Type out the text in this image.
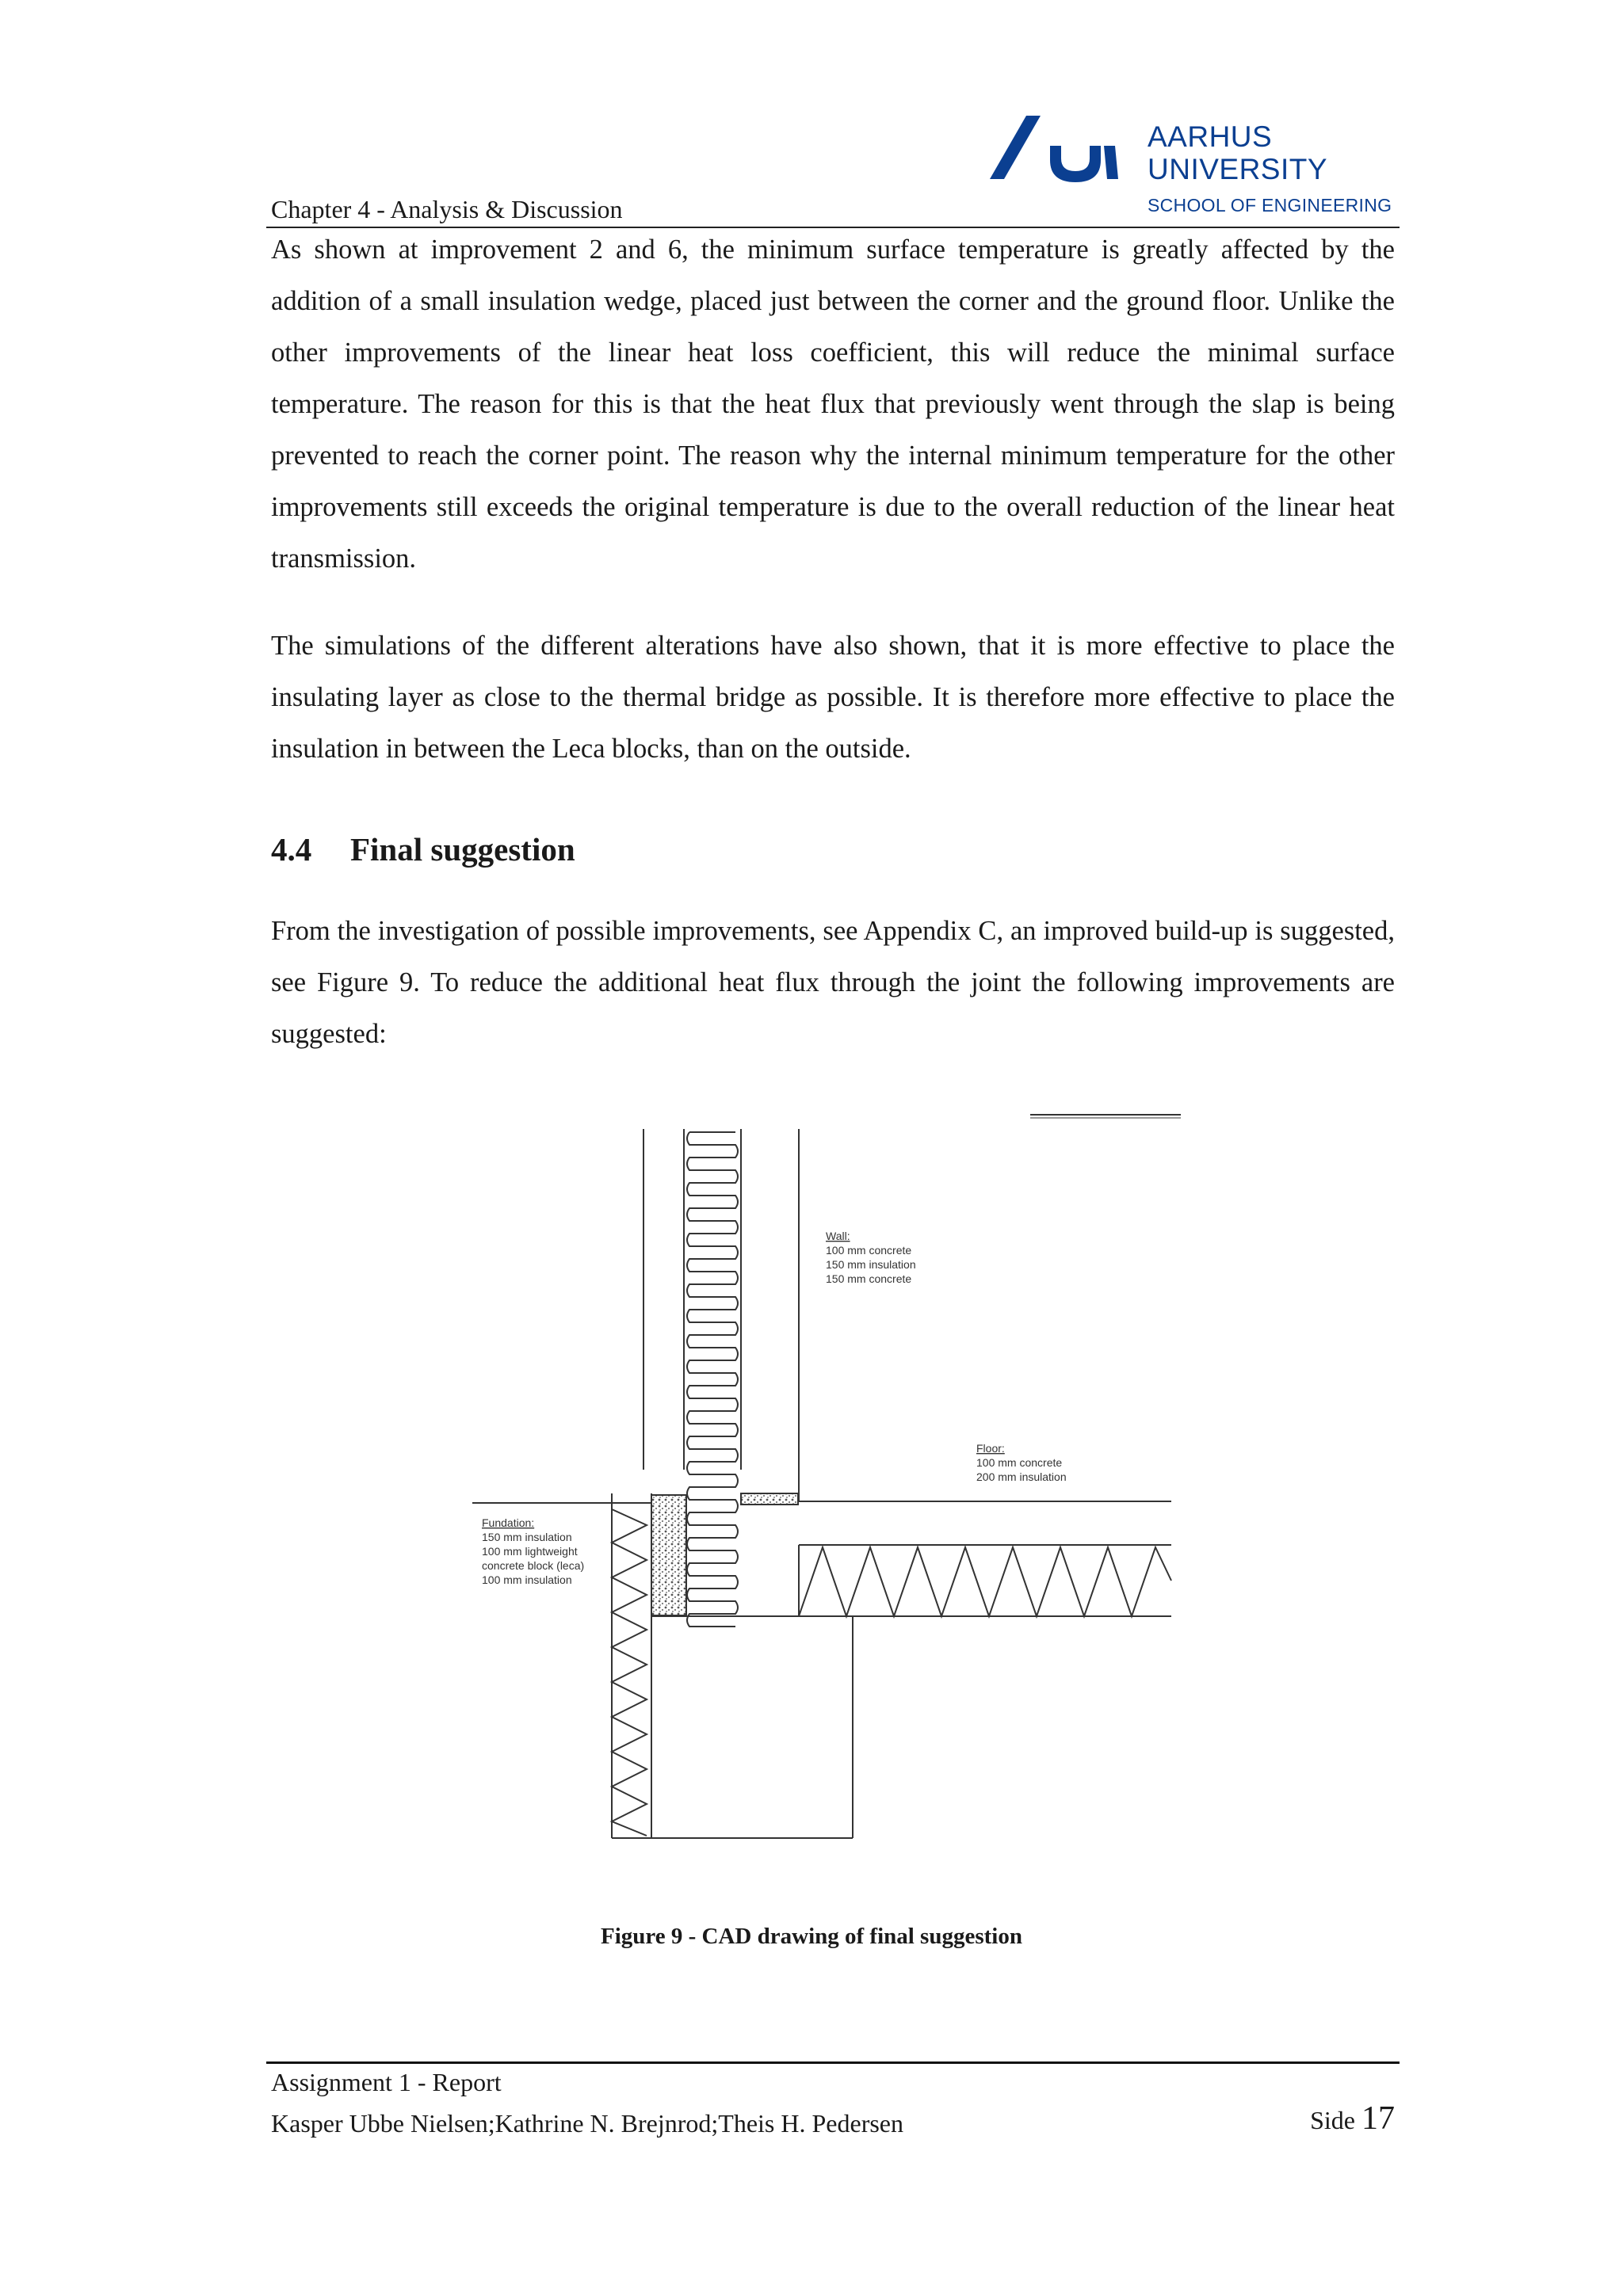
Chapter 4 - Analysis & Discussion
AARHUS
UNIVERSITY
SCHOOL OF ENGINEERING
As shown at improvement 2 and 6, the minimum surface temperature is greatly affected by the addition of a small insulation wedge, placed just between the corner and the ground floor. Unlike the other improvements of the linear heat loss coefficient, this will reduce the minimal surface temperature. The reason for this is that the heat flux that previously went through the slap is being prevented to reach the corner point. The reason why the internal minimum temperature for the other improvements still exceeds the original temperature is due to the overall reduction of the linear heat transmission.
The simulations of the different alterations have also shown, that it is more effective to place the insulating layer as close to the thermal bridge as possible. It is therefore more effective to place the insulation in between the Leca blocks, than on the outside.
4.4 Final suggestion
From the investigation of possible improvements, see Appendix C, an improved build-up is suggested, see Figure 9. To reduce the additional heat flux through the joint the following improvements are suggested:
Wall:
100 mm concrete
150 mm insulation
150 mm concrete
Floor:
100 mm concrete
200 mm insulation
Fundation:
150 mm insulation
100 mm lightweight
concrete block (leca)
100 mm insulation
Figure 9 - CAD drawing of final suggestion
Assignment 1 - Report
Kasper Ubbe Nielsen;Kathrine N. Brejnrod;Theis H. Pedersen	Side 17
